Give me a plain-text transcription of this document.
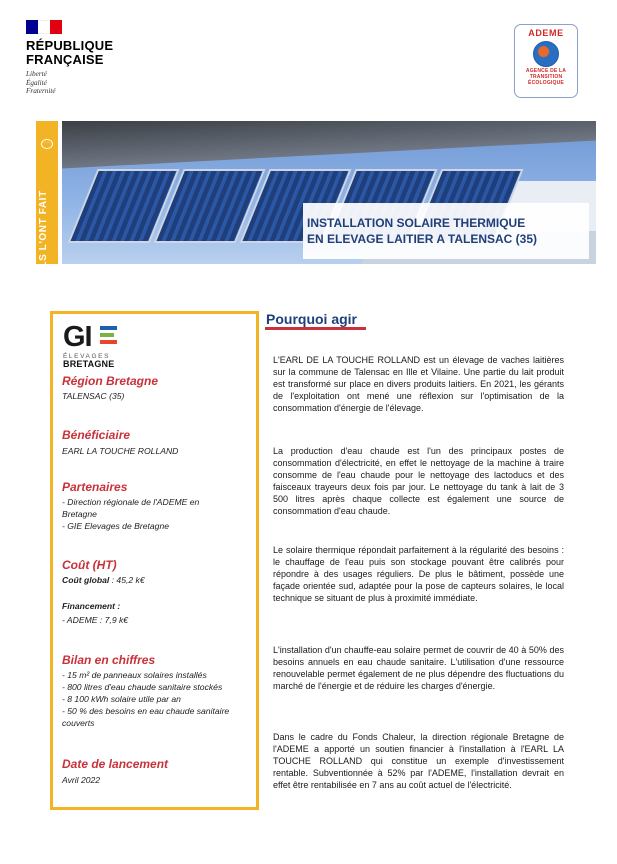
RÉPUBLIQUE
FRANÇAISE
Liberté
Égalité
Fraternité
ADEME
AGENCE DE LA
TRANSITION
ÉCOLOGIQUE
···
ILS L'ONT FAIT	INSTALLATION SOLAIRE THERMIQUE
EN ELEVAGE LAITIER A TALENSAC (35)
GI
ÉLEVAGES
BRETAGNE
Région Bretagne
TALENSAC (35)
Bénéficiaire
EARL LA TOUCHE ROLLAND
Partenaires
- Direction régionale de l'ADEME en
Bretagne
- GIE Elevages de Bretagne
Coût (HT)
Coût global : 45,2 k€
Financement :
- ADEME : 7,9 k€
Bilan en chiffres
- 15 m² de panneaux solaires installés
- 800 litres d'eau chaude sanitaire stockés
- 8 100 kWh solaire utile par an
- 50 % des besoins en eau chaude sanitaire
couverts
Date de lancement
Avril 2022
Pourquoi agir

L'EARL DE LA TOUCHE ROLLAND est un élevage de vaches laitières sur la commune de Talensac en Ille et Vilaine. Une partie du lait produit est transformé sur place en divers produits laitiers. En 2021, les gérants de l'exploitation ont mené une réflexion sur l'optimisation de la consommation d'énergie de l'élevage.

La production d'eau chaude est l'un des principaux postes de consommation d'électricité, en effet le nettoyage de la machine à traire consomme de l'eau chaude pour le nettoyage des lactoducs et des faisceaux trayeurs deux fois par jour. Le nettoyage du tank à lait de 3 500 litres après chaque collecte est également une source de consommation d'eau chaude.

Le solaire thermique répondait parfaitement à la régularité des besoins : le chauffage de l'eau puis son stockage pouvant être calibrés pour répondre à des usages réguliers. De plus le bâtiment, possède une façade orientée sud, adaptée pour la pose de capteurs solaires, le local technique se situant de plus à proximité immédiate.

L'installation d'un chauffe-eau solaire permet de couvrir de 40 à 50% des besoins annuels en eau chaude sanitaire. L'utilisation d'une ressource renouvelable permet également de ne plus dépendre des fluctuations du marché de l'énergie et de réduire les charges d'énergie.

Dans le cadre du Fonds Chaleur, la direction régionale Bretagne de l'ADEME a apporté un soutien financier à l'installation à l'EARL LA TOUCHE ROLLAND qui constitue un exemple d'investissement rentable. Subventionnée à 52% par l'ADEME, l'installation devrait en effet être rentabilisée en 7 ans au coût actuel de l'électricité.
